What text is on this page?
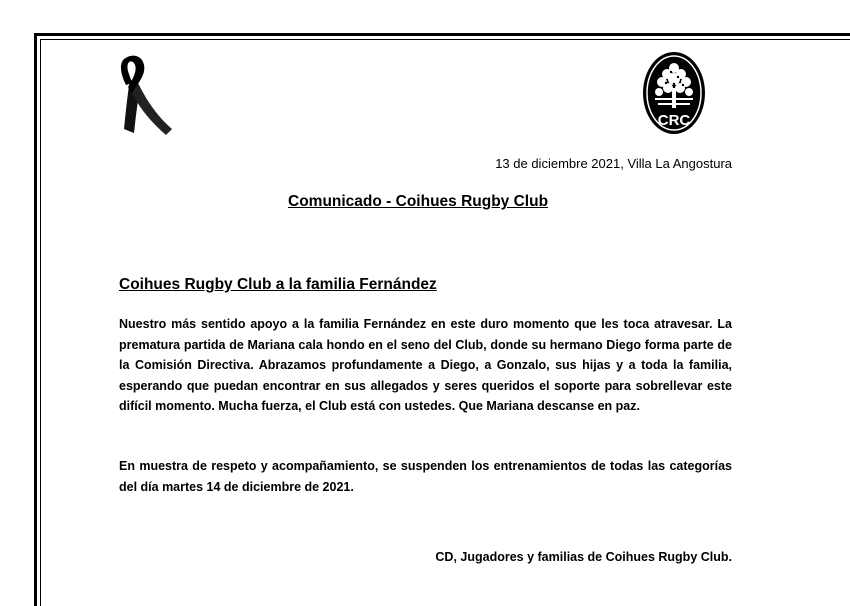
CRC
13 de diciembre 2021, Villa La Angostura
Comunicado - Coihues Rugby Club
Coihues Rugby Club a la familia Fernández

Nuestro más sentido apoyo a la familia Fernández en este duro momento que les toca atravesar. La prematura partida de Mariana cala hondo en el seno del Club, donde su hermano Diego forma parte de la Comisión Directiva. Abrazamos profundamente a Diego, a Gonzalo, sus hijas y a toda la familia, esperando que puedan encontrar en sus allegados y seres queridos el soporte para sobrellevar este difícil momento. Mucha fuerza, el Club está con ustedes. Que Mariana descanse en paz.

En muestra de respeto y acompañamiento, se suspenden los entrenamientos de todas las categorías del día martes 14 de diciembre de 2021.

CD, Jugadores y familias de Coihues Rugby Club.
